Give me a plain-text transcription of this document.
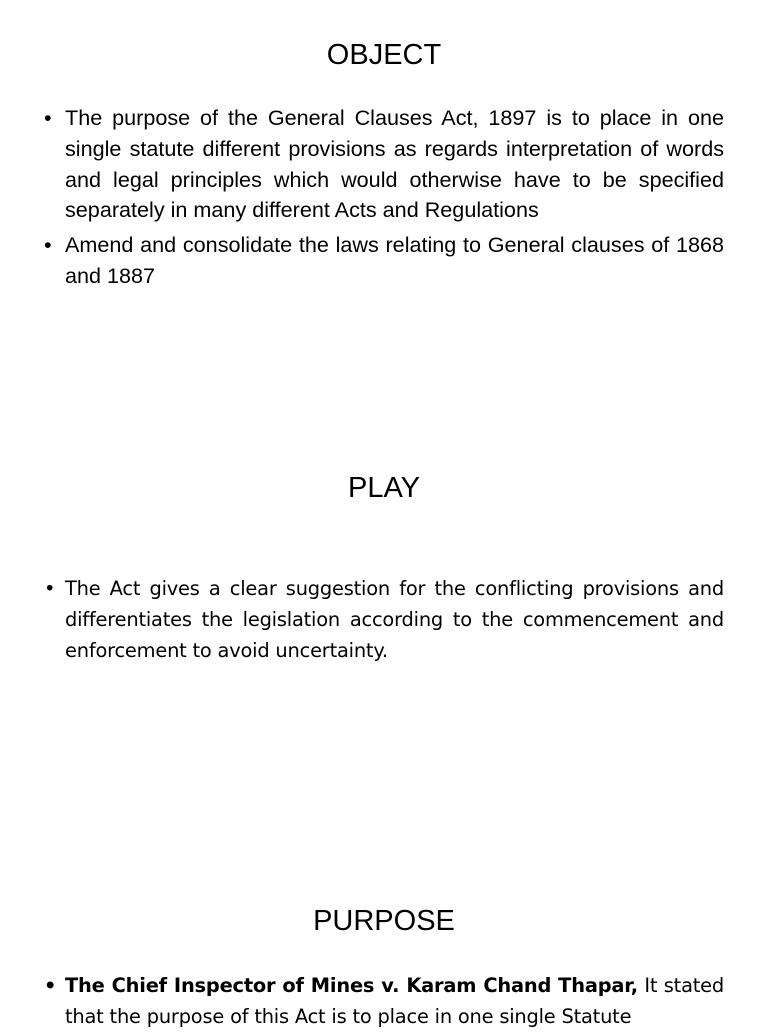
OBJECT
• The purpose of the General Clauses Act, 1897 is to place in one single statute different provisions as regards interpretation of words and legal principles which would otherwise have to be specified separately in many different Acts and Regulations
• Amend and consolidate the laws relating to General clauses of 1868 and 1887
PLAY
• The Act gives a clear suggestion for the conflicting provisions and differentiates the legislation according to the commencement and enforcement to avoid uncertainty.
PURPOSE
• The Chief Inspector of Mines v. Karam Chand Thapar, It stated that the purpose of this Act is to place in one single Statute
